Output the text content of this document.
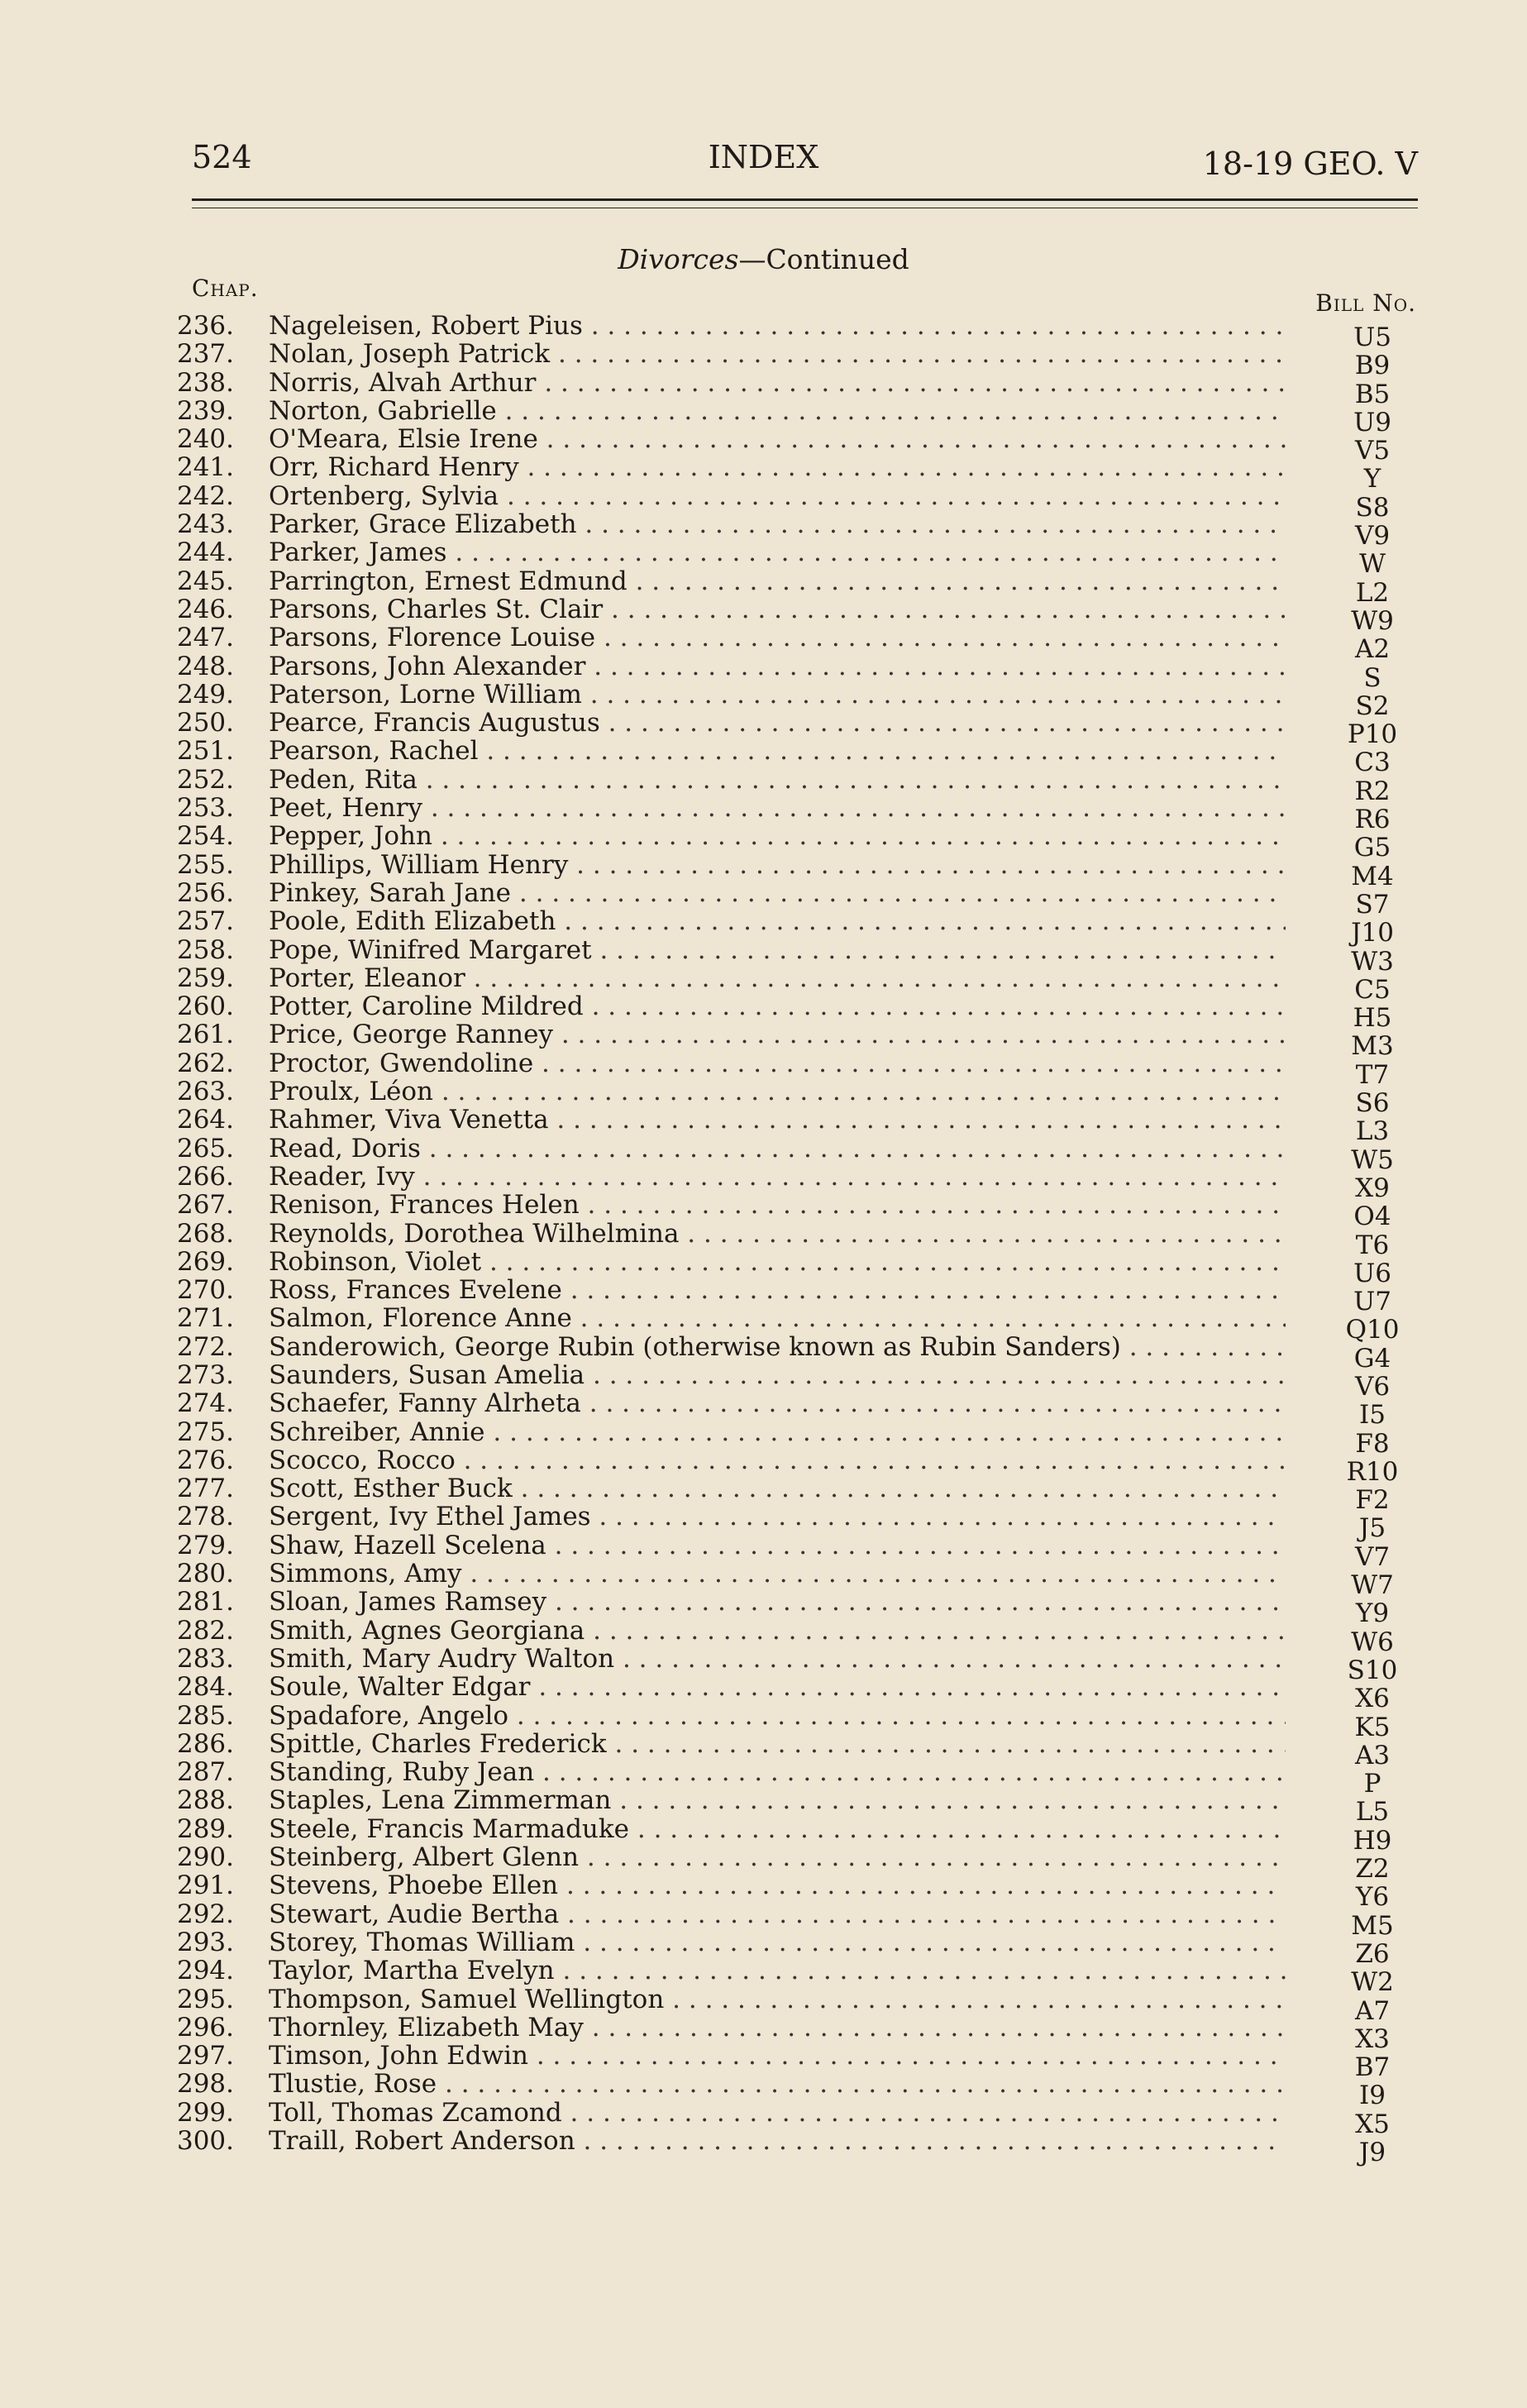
524	INDEX	18-19 GEO. V
Divorces—Continued
Chap.
Bill No.
236. Nageleisen, Robert Pius . . .	U5
237. Nolan, Joseph Patrick . . .	B9
238. Norris, Alvah Arthur . . .	B5
239. Norton, Gabrielle . . .	U9
240. O'Meara, Elsie Irene . . .	V5
241. Orr, Richard Henry . . .	Y
242. Ortenberg, Sylvia . . .	S8
243. Parker, Grace Elizabeth . . .	V9
244. Parker, James . . .	W
245. Parrington, Ernest Edmund . . .	L2
246. Parsons, Charles St. Clair . . .	W9
247. Parsons, Florence Louise . . .	A2
248. Parsons, John Alexander . . .	S
249. Paterson, Lorne William . . .	S2
250. Pearce, Francis Augustus . . .	P10
251. Pearson, Rachel . . .	C3
252. Peden, Rita . . .	R2
253. Peet, Henry . . .	R6
254. Pepper, John . . .	G5
255. Phillips, William Henry . . .	M4
256. Pinkey, Sarah Jane . . .	S7
257. Poole, Edith Elizabeth . . .	J10
258. Pope, Winifred Margaret . . .	W3
259. Porter, Eleanor . . .	C5
260. Potter, Caroline Mildred . . .	H5
261. Price, George Ranney . . .	M3
262. Proctor, Gwendoline . . .	T7
263. Proulx, Léon . . .	S6
264. Rahmer, Viva Venetta . . .	L3
265. Read, Doris . . .	W5
266. Reader, Ivy . . .	X9
267. Renison, Frances Helen . . .	O4
268. Reynolds, Dorothea Wilhelmina . . .	T6
269. Robinson, Violet . . .	U6
270. Ross, Frances Evelene . . .	U7
271. Salmon, Florence Anne . . .	Q10
272. Sanderowich, George Rubin (otherwise known as Rubin Sanders) . . .	G4
273. Saunders, Susan Amelia . . .	V6
274. Schaefer, Fanny Alrheta . . .	I5
275. Schreiber, Annie . . .	F8
276. Scocco, Rocco . . .	R10
277. Scott, Esther Buck . . .	F2
278. Sergent, Ivy Ethel James . . .	J5
279. Shaw, Hazell Scelena . . .	V7
280. Simmons, Amy . . .	W7
281. Sloan, James Ramsey . . .	Y9
282. Smith, Agnes Georgiana . . .	W6
283. Smith, Mary Audry Walton . . .	S10
284. Soule, Walter Edgar . . .	X6
285. Spadafore, Angelo . . .	K5
286. Spittle, Charles Frederick . . .	A3
287. Standing, Ruby Jean . . .	P
288. Staples, Lena Zimmerman . . .	L5
289. Steele, Francis Marmaduke . . .	H9
290. Steinberg, Albert Glenn . . .	Z2
291. Stevens, Phoebe Ellen . . .	Y6
292. Stewart, Audie Bertha . . .	M5
293. Storey, Thomas William . . .	Z6
294. Taylor, Martha Evelyn . . .	W2
295. Thompson, Samuel Wellington . . .	A7
296. Thornley, Elizabeth May . . .	X3
297. Timson, John Edwin . . .	B7
298. Tlustie, Rose . . .	I9
299. Toll, Thomas Zcamond . . .	X5
300. Traill, Robert Anderson . . .	J9
